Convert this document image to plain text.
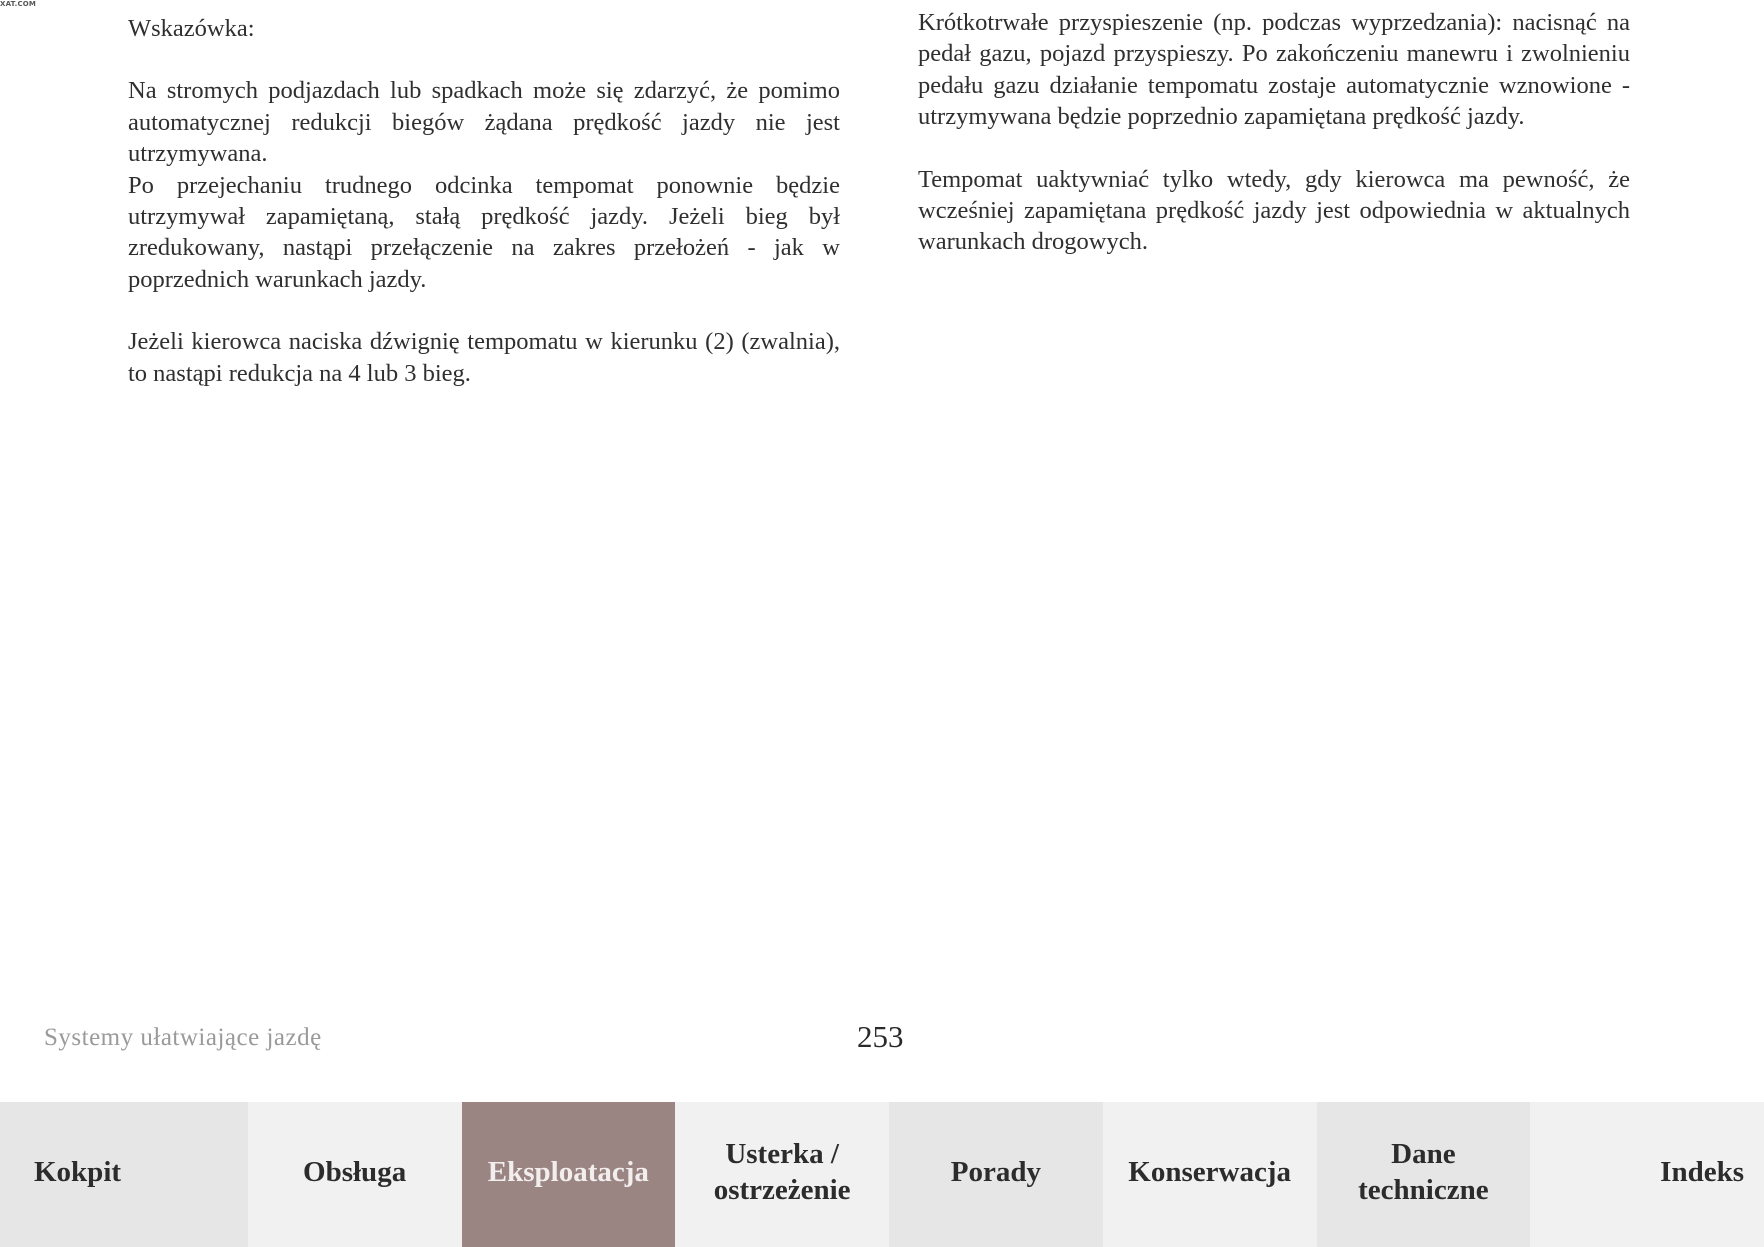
XAT.COM

Wskazówka:

Na stromych podjazdach lub spadkach może się zdarzyć, że pomimo automatycznej redukcji biegów żądana prędkość jazdy nie jest utrzymywana.

Po przejechaniu trudnego odcinka tempomat ponownie będzie utrzymywał zapamiętaną, stałą prędkość jazdy. Jeżeli bieg był zredukowany, nastąpi przełączenie na zakres przełożeń - jak w poprzednich warunkach jazdy.

Jeżeli kierowca naciska dźwignię tempomatu w kierunku (2) (zwalnia), to nastąpi redukcja na 4 lub 3 bieg.

Krótkotrwałe przyspieszenie (np. podczas wyprzedzania): nacisnąć na pedał gazu, pojazd przyspieszy. Po zakończeniu manewru i zwolnieniu pedału gazu działanie tempomatu zostaje automatycznie wznowione - utrzymywana będzie poprzednio zapamiętana prędkość jazdy.

Tempomat uaktywniać tylko wtedy, gdy kierowca ma pewność, że wcześniej zapamiętana prędkość jazdy jest odpowiednia w aktualnych warunkach drogowych.

Systemy ułatwiające jazdę	253
Kokpit	Obsługa	Eksploatacja
Usterka /
ostrzeżenie
Porady	Konserwacja
Dane
techniczne
Indeks
